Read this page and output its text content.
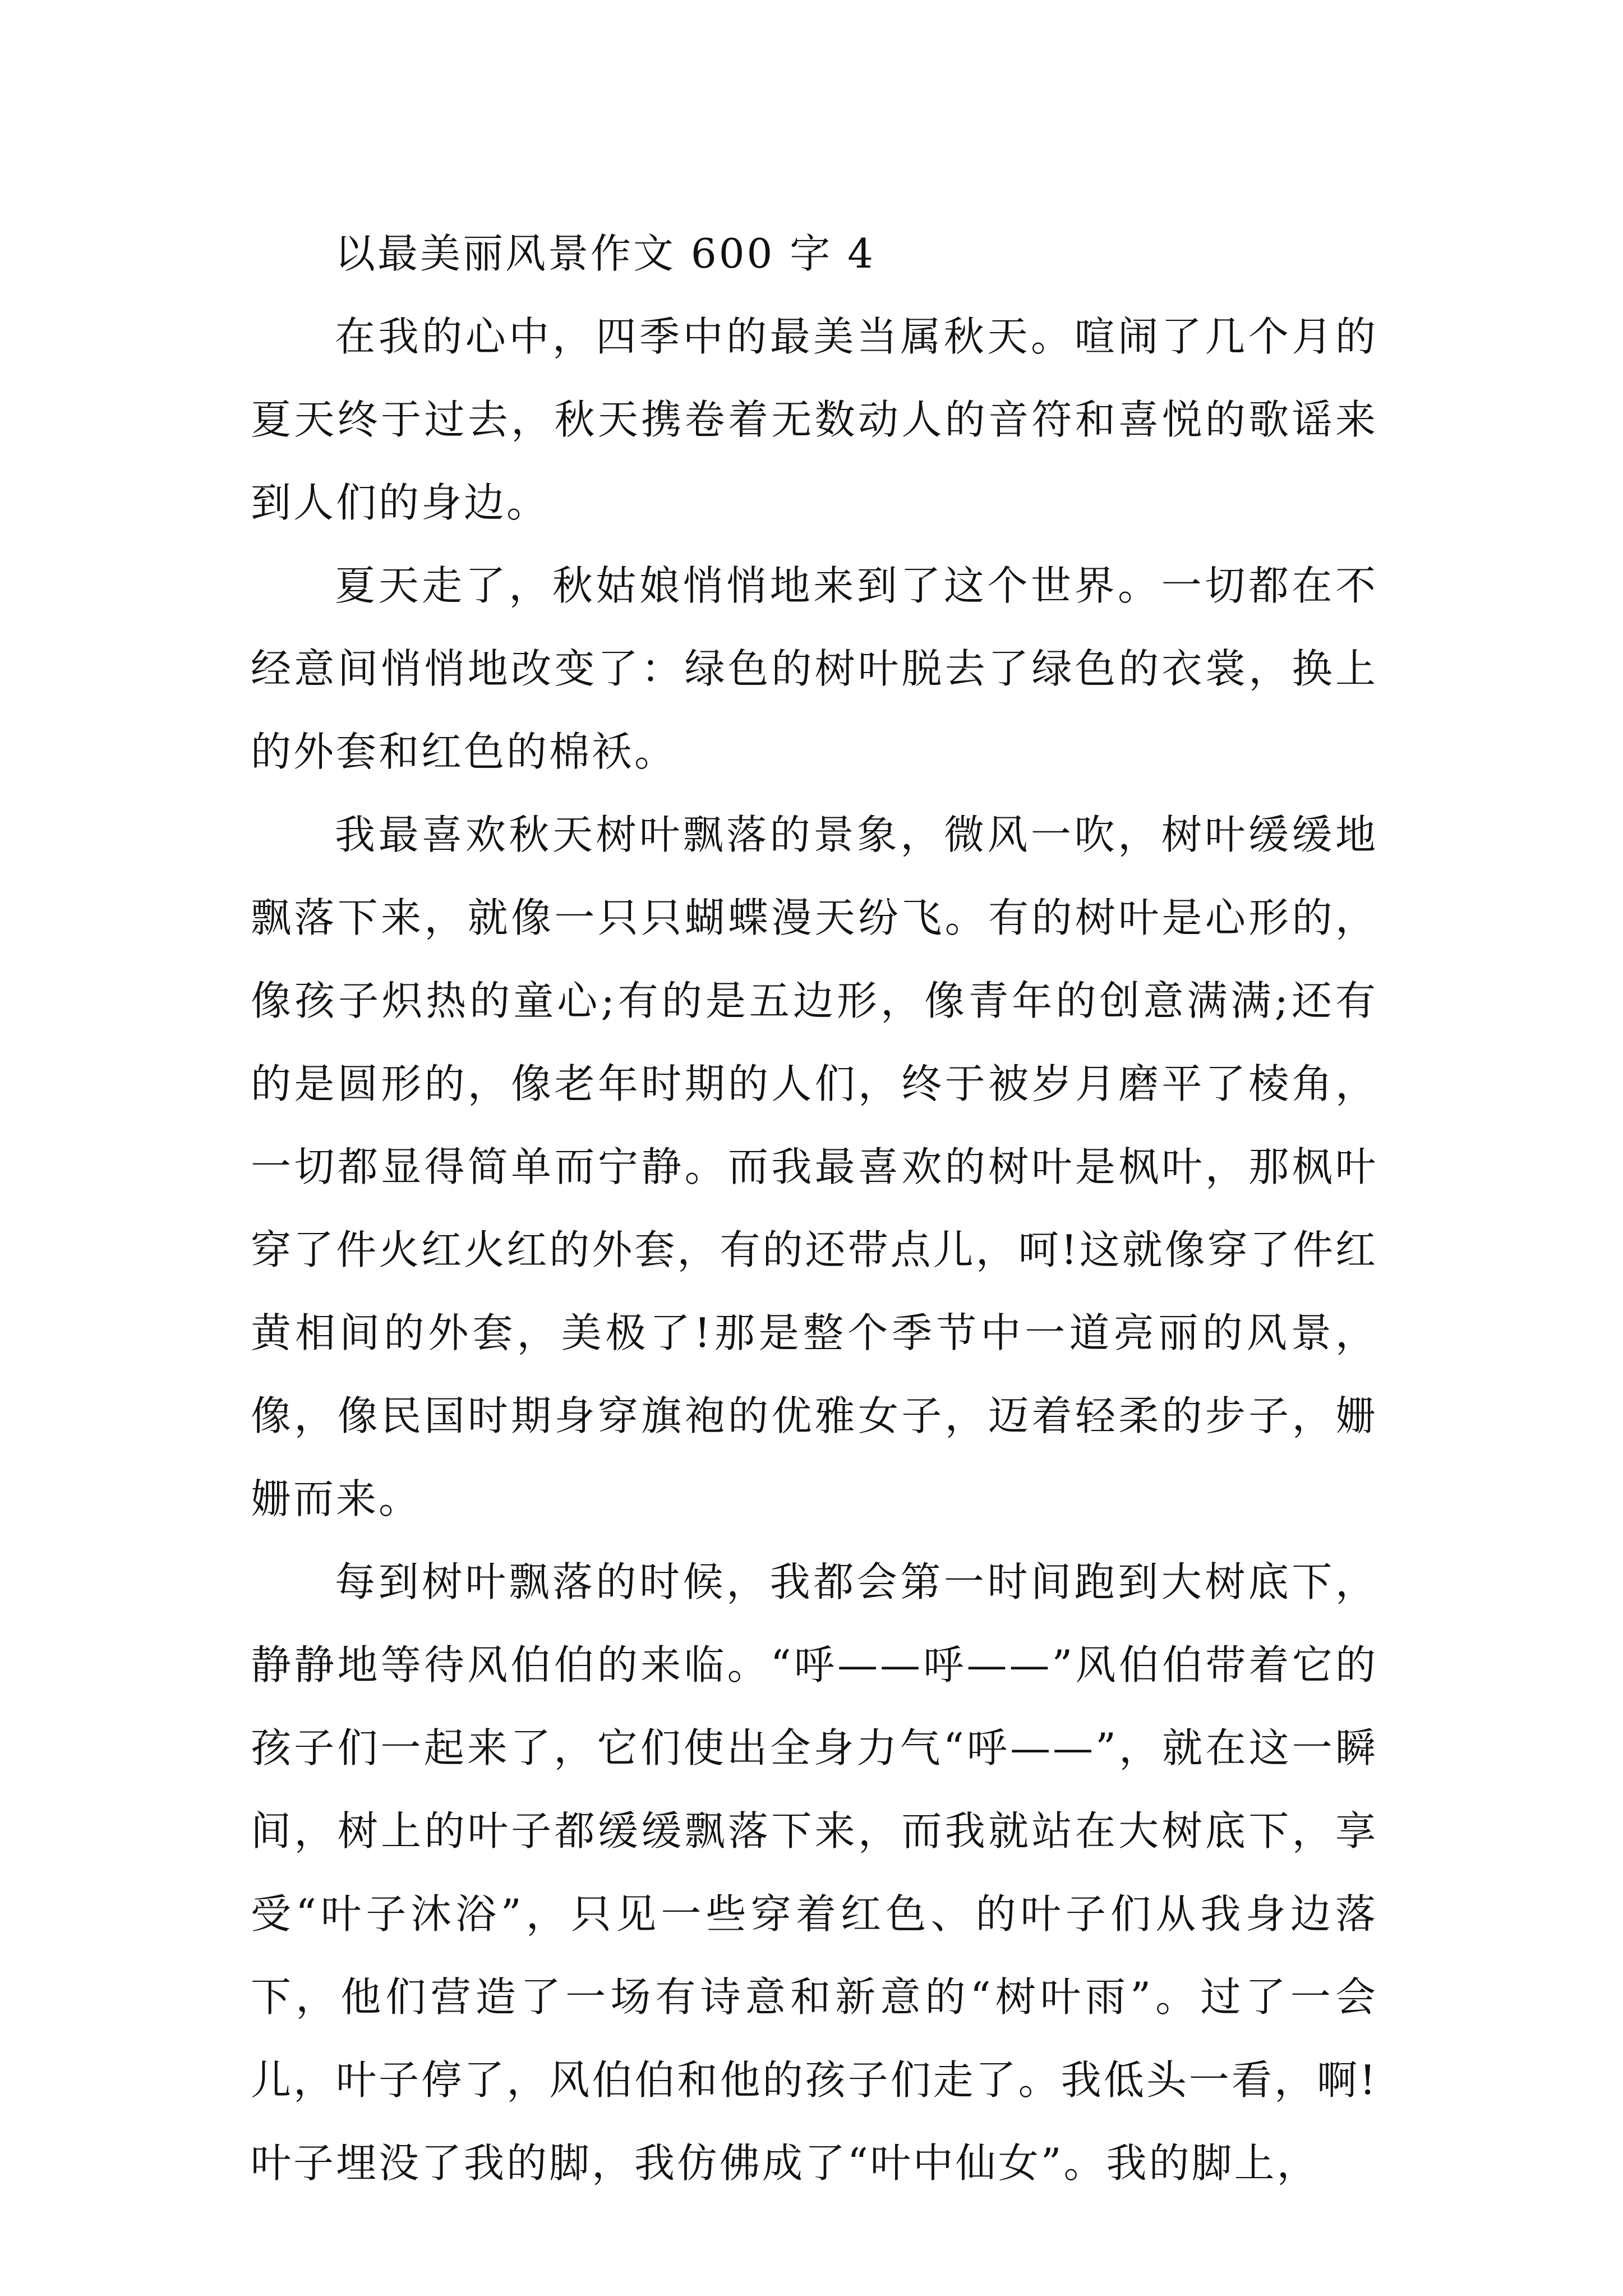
以最美丽风景作文 600 字 4

在我的心中，四季中的最美当属秋天。喧闹了几个月的夏天终于过去，秋天携卷着无数动人的音符和喜悦的歌谣来到人们的身边。

夏天走了，秋姑娘悄悄地来到了这个世界。一切都在不经意间悄悄地改变了：绿色的树叶脱去了绿色的衣裳，换上的外套和红色的棉袄。

我最喜欢秋天树叶飘落的景象，微风一吹，树叶缓缓地飘落下来，就像一只只蝴蝶漫天纷飞。有的树叶是心形的，像孩子炽热的童心;有的是五边形，像青年的创意满满;还有的是圆形的，像老年时期的人们，终于被岁月磨平了棱角，一切都显得简单而宁静。而我最喜欢的树叶是枫叶，那枫叶穿了件火红火红的外套，有的还带点儿，呵!这就像穿了件红黄相间的外套，美极了!那是整个季节中一道亮丽的风景，像，像民国时期身穿旗袍的优雅女子，迈着轻柔的步子，姗姗而来。

每到树叶飘落的时候，我都会第一时间跑到大树底下，静静地等待风伯伯的来临。“呼——呼——”风伯伯带着它的孩子们一起来了，它们使出全身力气“呼——”，就在这一瞬间，树上的叶子都缓缓飘落下来，而我就站在大树底下，享受“叶子沐浴”，只见一些穿着红色、的叶子们从我身边落下，他们营造了一场有诗意和新意的“树叶雨”。过了一会儿，叶子停了，风伯伯和他的孩子们走了。我低头一看，啊!叶子埋没了我的脚，我仿佛成了“叶中仙女”。我的脚上，
